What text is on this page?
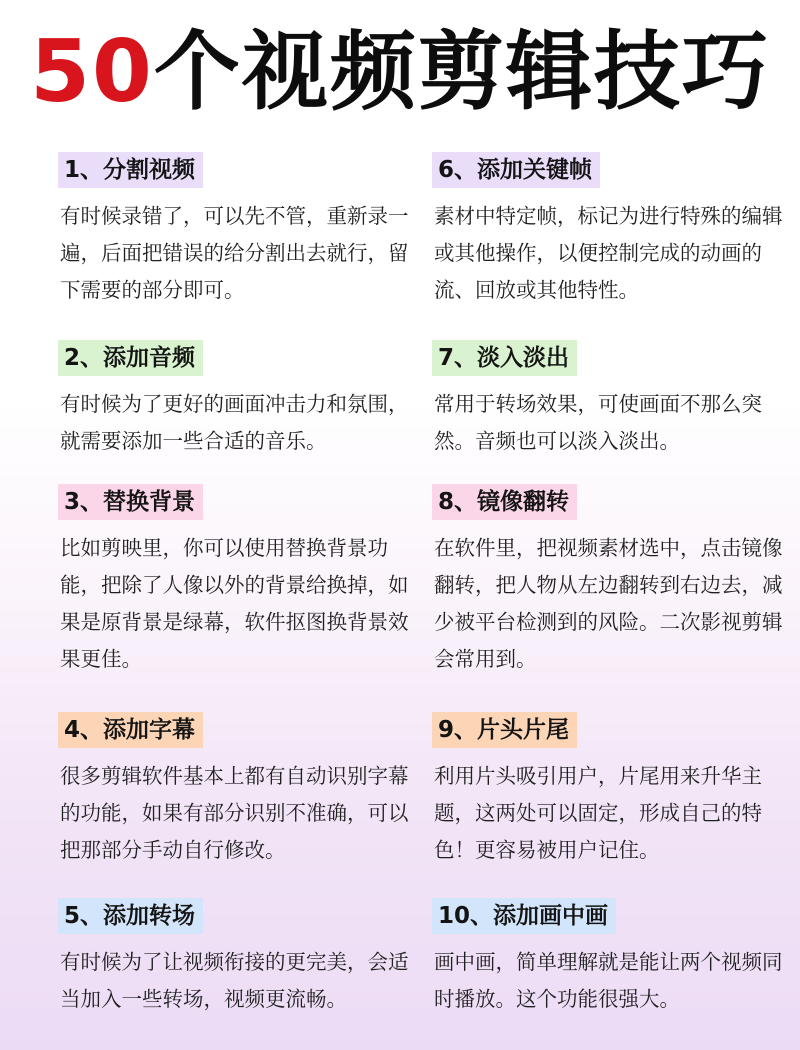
50个视频剪辑技巧
1、分割视频
有时候录错了，可以先不管，重新录一遍，后面把错误的给分割出去就行，留下需要的部分即可。
2、添加音频
有时候为了更好的画面冲击力和氛围，就需要添加一些合适的音乐。
3、替换背景
比如剪映里，你可以使用替换背景功能，把除了人像以外的背景给换掉，如果是原背景是绿幕，软件抠图换背景效果更佳。
4、添加字幕
很多剪辑软件基本上都有自动识别字幕的功能，如果有部分识别不准确，可以把那部分手动自行修改。
5、添加转场
有时候为了让视频衔接的更完美，会适当加入一些转场，视频更流畅。
6、添加关键帧
素材中特定帧，标记为进行特殊的编辑或其他操作，以便控制完成的动画的流、回放或其他特性。
7、淡入淡出
常用于转场效果，可使画面不那么突然。音频也可以淡入淡出。
8、镜像翻转
在软件里，把视频素材选中，点击镜像翻转，把人物从左边翻转到右边去，减少被平台检测到的风险。二次影视剪辑会常用到。
9、片头片尾
利用片头吸引用户，片尾用来升华主题，这两处可以固定，形成自己的特色！更容易被用户记住。
10、添加画中画
画中画，简单理解就是能让两个视频同时播放。这个功能很强大。
